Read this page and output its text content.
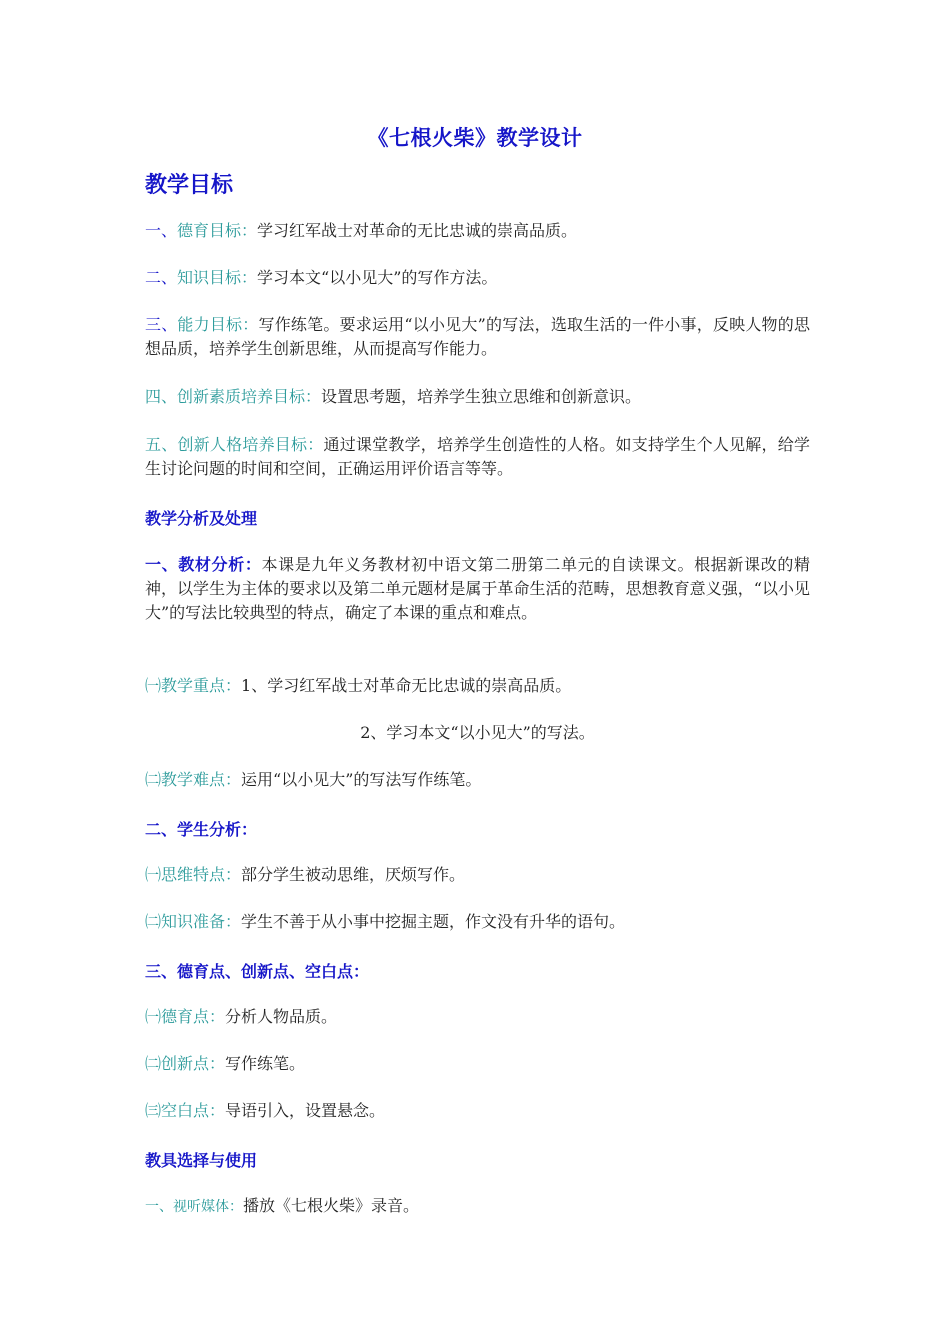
《七根火柴》教学设计
教学目标
一、德育目标：学习红军战士对革命的无比忠诚的崇高品质。
二、知识目标：学习本文“以小见大”的写作方法。
三、能力目标：写作练笔。要求运用“以小见大”的写法，选取生活的一件小事，反映人物的思想品质，培养学生创新思维，从而提高写作能力。
四、创新素质培养目标：设置思考题，培养学生独立思维和创新意识。
五、创新人格培养目标：通过课堂教学，培养学生创造性的人格。如支持学生个人见解，给学生讨论问题的时间和空间，正确运用评价语言等等。
教学分析及处理
一、教材分析：本课是九年义务教材初中语文第二册第二单元的自读课文。根据新课改的精神，以学生为主体的要求以及第二单元题材是属于革命生活的范畴，思想教育意义强，“以小见大”的写法比较典型的特点，确定了本课的重点和难点。
㈠教学重点：1、学习红军战士对革命无比忠诚的崇高品质。
2、学习本文“以小见大”的写法。
㈡教学难点：运用“以小见大”的写法写作练笔。
二、学生分析：
㈠思维特点：部分学生被动思维，厌烦写作。
㈡知识准备：学生不善于从小事中挖掘主题，作文没有升华的语句。
三、德育点、创新点、空白点：
㈠德育点：分析人物品质。
㈡创新点：写作练笔。
㈢空白点：导语引入，设置悬念。
教具选择与使用
一、视听媒体：播放《七根火柴》录音。
